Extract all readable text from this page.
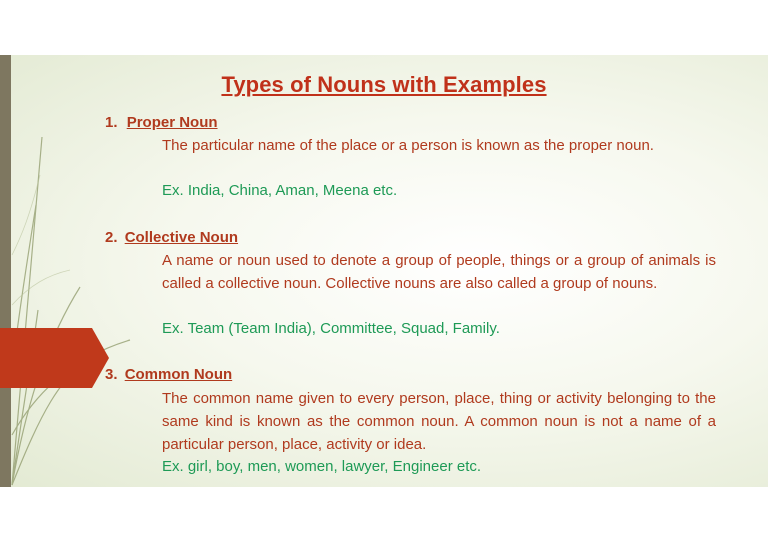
Types of Nouns with Examples
1. Proper Noun
The particular name of the place or a person is known as the proper noun.
Ex. India, China, Aman, Meena etc.
2. Collective Noun
A name or noun used to denote a group of people, things or a group of animals is called a collective noun. Collective nouns are also called a group of nouns.
Ex. Team (Team India), Committee, Squad, Family.
3. Common Noun
The common name given to every person, place, thing or activity belonging to the same kind is known as the common noun. A common noun is not a name of a particular person, place, activity or idea.
Ex. girl, boy, men, women, lawyer, Engineer etc.
